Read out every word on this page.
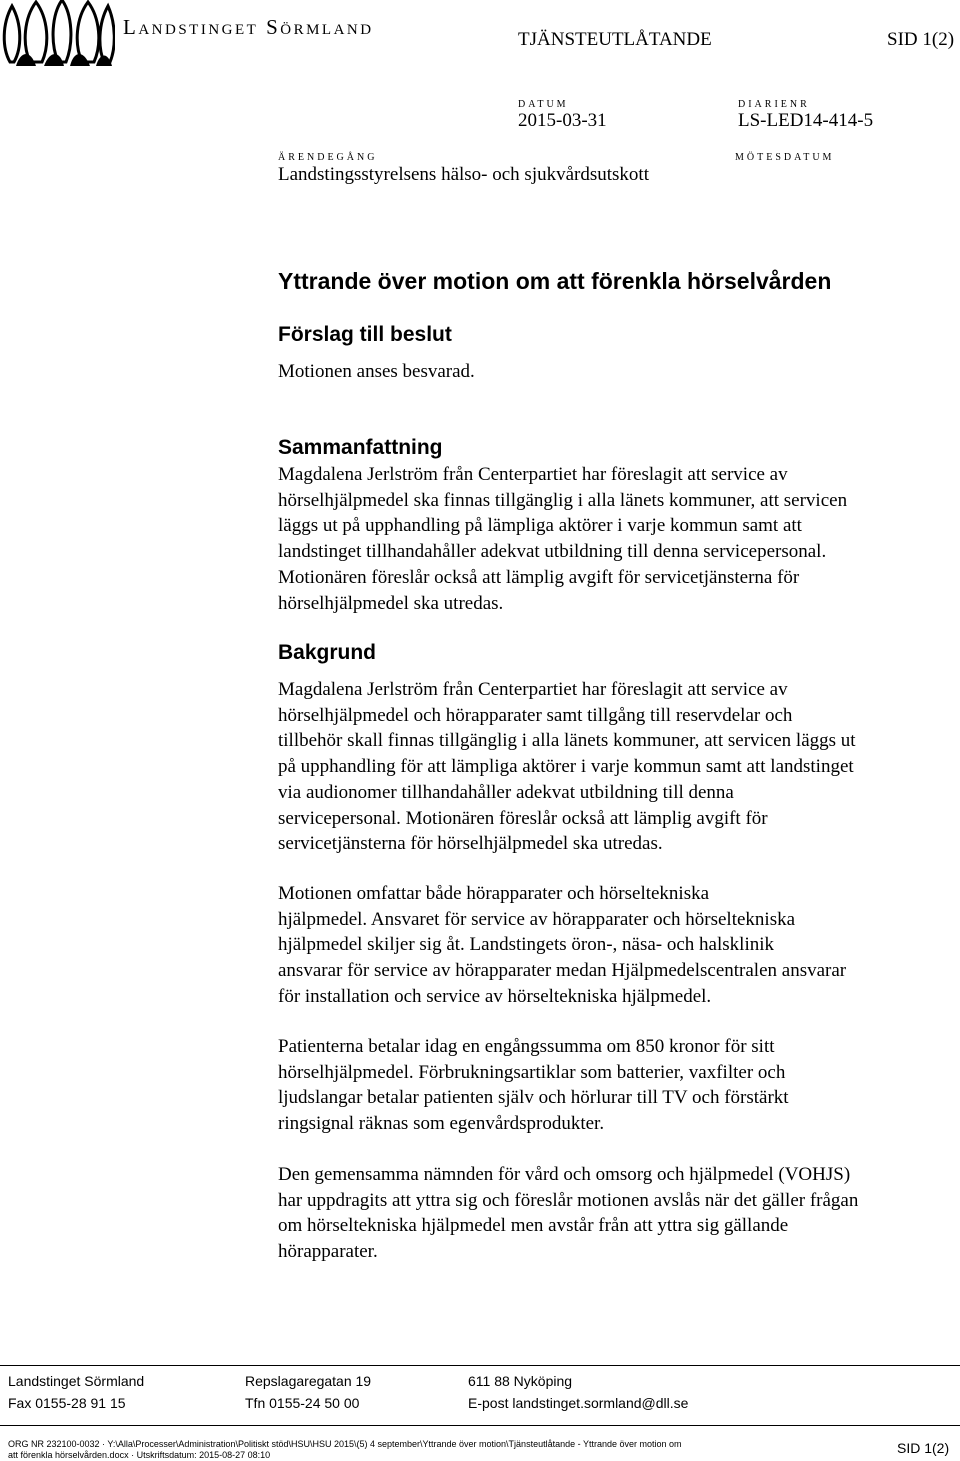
Landstinget Sörmland
TJÄNSTEUTLÅTANDE	SID 1(2)
DATUM
2015-03-31
DIARIENR
LS-LED14-414-5
ÄRENDEGÅNG
Landstingsstyrelsens hälso- och sjukvårdsutskott
MÖTESDATUM
Yttrande över motion om att förenkla hörselvården
Förslag till beslut
Motionen anses besvarad.
Sammanfattning
Magdalena Jerlström från Centerpartiet har föreslagit att service av
hörselhjälpmedel ska finnas tillgänglig i alla länets kommuner, att servicen
läggs ut på upphandling på lämpliga aktörer i varje kommun samt att
landstinget tillhandahåller adekvat utbildning till denna servicepersonal.
Motionären föreslår också att lämplig avgift för servicetjänsterna för
hörselhjälpmedel ska utredas.
Bakgrund
Magdalena Jerlström från Centerpartiet har föreslagit att service av
hörselhjälpmedel och hörapparater samt tillgång till reservdelar och
tillbehör skall finnas tillgänglig i alla länets kommuner, att servicen läggs ut
på upphandling för att lämpliga aktörer i varje kommun samt att landstinget
via audionomer tillhandahåller adekvat utbildning till denna
servicepersonal. Motionären föreslår också att lämplig avgift för
servicetjänsterna för hörselhjälpmedel ska utredas.
Motionen omfattar både hörapparater och hörseltekniska
hjälpmedel. Ansvaret för service av hörapparater och hörseltekniska
hjälpmedel skiljer sig åt. Landstingets öron-, näsa- och halsklinik
ansvarar för service av hörapparater medan Hjälpmedelscentralen ansvarar
för installation och service av hörseltekniska hjälpmedel.
Patienterna betalar idag en engångssumma om 850 kronor för sitt
hörselhjälpmedel. Förbrukningsartiklar som batterier, vaxfilter och
ljudslangar betalar patienten själv och hörlurar till TV och förstärkt
ringsignal räknas som egenvårdsprodukter.
Den gemensamma nämnden för vård och omsorg och hjälpmedel (VOHJS)
har uppdragits att yttra sig och föreslår motionen avslås när det gäller frågan
om hörseltekniska hjälpmedel men avstår från att yttra sig gällande
hörapparater.
Landstinget Sörmland	Repslagaregatan 19	611 88 Nyköping
Fax 0155-28 91 15	Tfn 0155-24 50 00	E-post landstinget.sormland@dll.se
ORG NR 232100-0032 · Y:\Alla\Processer\Administration\Politiskt stöd\HSU\HSU 2015\(5) 4 september\Yttrande över motion\Tjänsteutlåtande - Yttrande över motion om
att förenkla hörselvården.docx · Utskriftsdatum: 2015-08-27 08:10	SID 1(2)
